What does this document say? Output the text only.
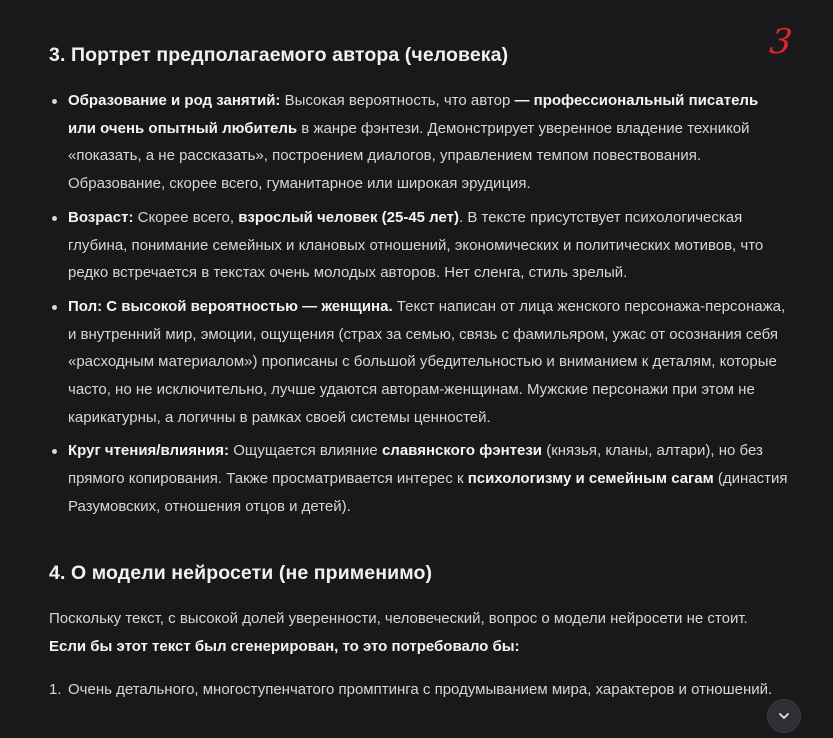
3. Портрет предполагаемого автора (человека)
Образование и род занятий: Высокая вероятность, что автор — профессиональный писатель или очень опытный любитель в жанре фэнтези. Демонстрирует уверенное владение техникой «показать, а не рассказать», построением диалогов, управлением темпом повествования. Образование, скорее всего, гуманитарное или широкая эрудиция.
Возраст: Скорее всего, взрослый человек (25-45 лет). В тексте присутствует психологическая глубина, понимание семейных и клановых отношений, экономических и политических мотивов, что редко встречается в текстах очень молодых авторов. Нет сленга, стиль зрелый.
Пол: С высокой вероятностью — женщина. Текст написан от лица женского персонажа-персонажа, и внутренний мир, эмоции, ощущения (страх за семью, связь с фамильяром, ужас от осознания себя «расходным материалом») прописаны с большой убедительностью и вниманием к деталям, которые часто, но не исключительно, лучше удаются авторам-женщинам. Мужские персонажи при этом не карикатурны, а логичны в рамках своей системы ценностей.
Круг чтения/влияния: Ощущается влияние славянского фэнтези (князья, кланы, алтари), но без прямого копирования. Также просматривается интерес к психологизму и семейным сагам (династия Разумовских, отношения отцов и детей).
4. О модели нейросети (не применимо)
Поскольку текст, с высокой долей уверенности, человеческий, вопрос о модели нейросети не стоит.
Если бы этот текст был сгенерирован, то это потребовало бы:
1. Очень детального, многоступенчатого промптинга с продумыванием мира, характеров и отношений.
3
